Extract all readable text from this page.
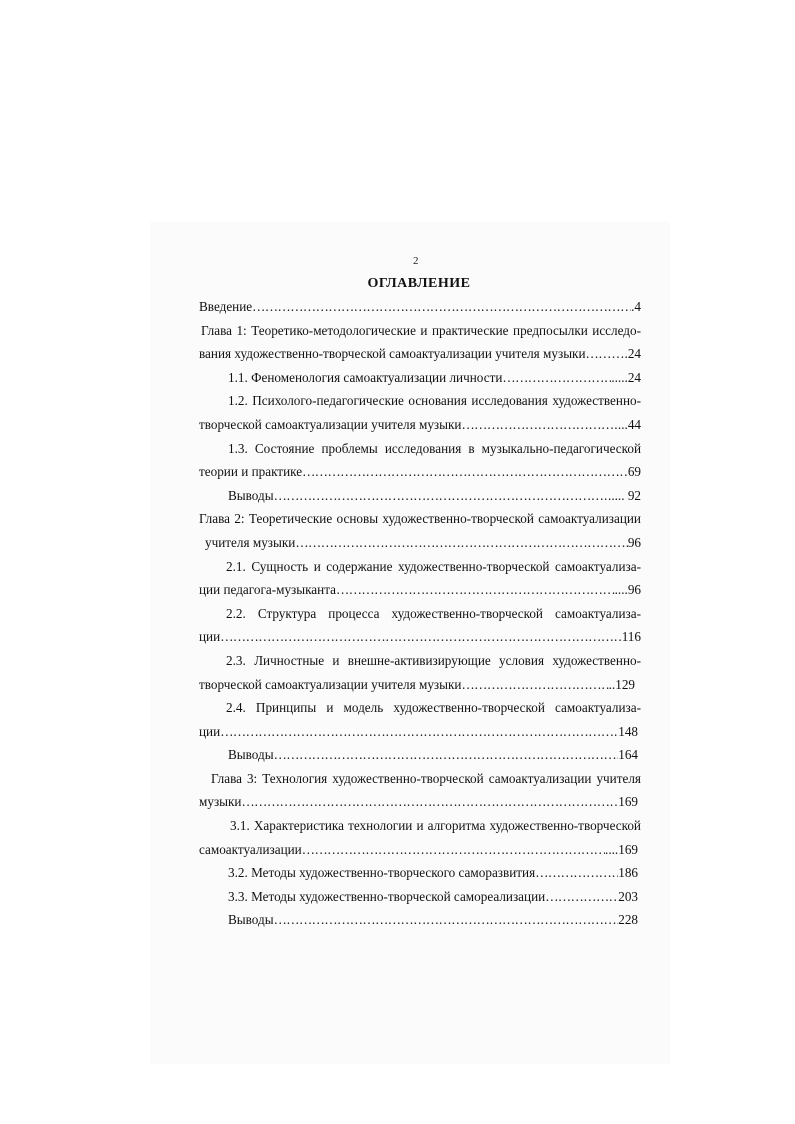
2
ОГЛАВЛЕНИЕ
Введение …………………………………………………………………………………………………………………………………………………………………………	.4
Глава 1: Теоретико-методологические и практические предпосылки исследо-
вания художественно-творческой самоактуализации учителя музыки ………………………………………………………………………………………………………………………………………………………………………… ….24
1.1. Феноменология самоактуализации личности …………………………………………………………………………………………………………………………………………………………………………	.....24
1.2. Психолого-педагогические основания исследования художественно-
творческой самоактуализации учителя музыки …………………………………………………………………………………………………………………………………………………………………………	...44
1.3. Состояние проблемы исследования в музыкально-педагогической
теории и практике …………………………………………………………………………………………………………………………………………………………………………	69
Выводы …………………………………………………………………………………………………………………………………………………………………………	..... 92
Глава 2: Теоретические основы художественно-творческой самоактуализации
учителя музыки …………………………………………………………………………………………………………………………………………………………………………	96
2.1. Сущность и содержание художественно-творческой самоактуализа-
ции педагога-музыканта …………………………………………………………………………………………………………………………………………………………………………	....96
2.2. Структура процесса художественно-творческой самоактуализа-
ции …………………………………………………………………………………………………………………………………………………………………………	116
2.3. Личностные и внешне-активизирующие условия художественно-
творческой самоактуализации учителя музыки …………………………………………………………………………………………………………………………………………………………………………	..129
2.4. Принципы и модель художественно-творческой самоактуализа-
ции …………………………………………………………………………………………………………………………………………………………………………	148
Выводы …………………………………………………………………………………………………………………………………………………………………………	164
Глава 3: Технология художественно-творческой самоактуализации учителя
музыки …………………………………………………………………………………………………………………………………………………………………………	169
3.1. Характеристика технологии и алгоритма художественно-творческой
самоактуализации …………………………………………………………………………………………………………………………………………………………………………	....169
3.2. Методы художественно-творческого саморазвития …………………………………………………………………………………………………………………………………………………………………………	186
3.3. Методы художественно-творческой самореализации …………………………………………………………………………………………………………………………………………………………………………	203
Выводы …………………………………………………………………………………………………………………………………………………………………………	228
